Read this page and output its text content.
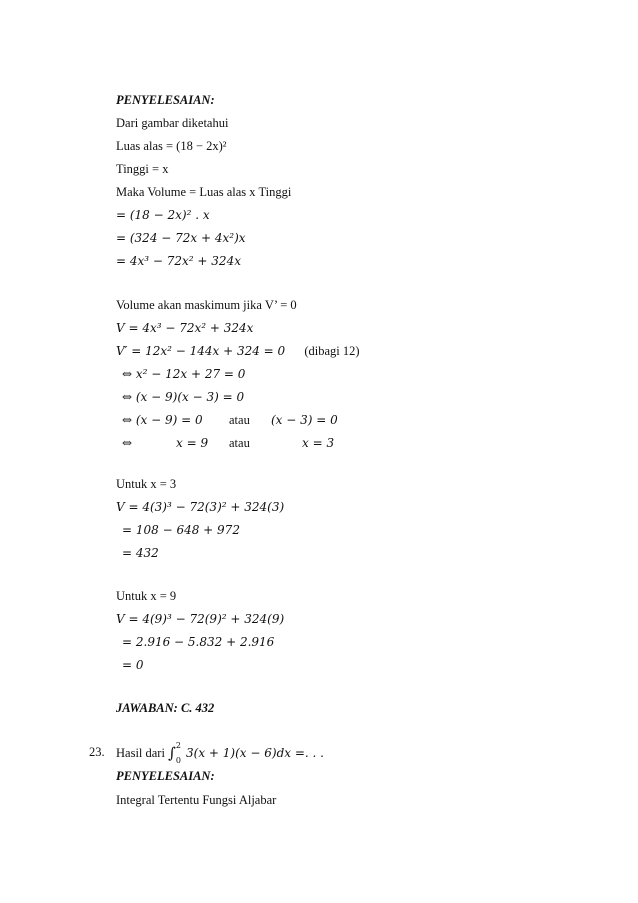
PENYELESAIAN:
Dari gambar diketahui
Luas alas = (18 − 2x)²
Tinggi = x
Maka Volume = Luas alas x Tinggi
= (18 − 2x)² . x
= (324 − 72x + 4x²)x
= 4x³ − 72x² + 324x
Volume akan maskimum jika V’ = 0
V = 4x³ − 72x² + 324x
V′ = 12x² − 144x + 324 = 0 (dibagi 12)
⇔ x² − 12x + 27 = 0
⇔ (x − 9)(x − 3) = 0
⇔ (x − 9) = 0 atau (x − 3) = 0
⇔	x = 9 atau	x = 3
Untuk x = 3
V = 4(3)³ − 72(3)² + 324(3)
= 108 − 648 + 972
= 432
Untuk x = 9
V = 4(9)³ − 72(9)² + 324(9)
= 2.916 − 5.832 + 2.916
= 0
JAWABAN: C. 432
23. Hasil dari ∫ 2
0
3(x + 1)(x − 6)dx =. . .
PENYELESAIAN:
Integral Tertentu Fungsi Aljabar
